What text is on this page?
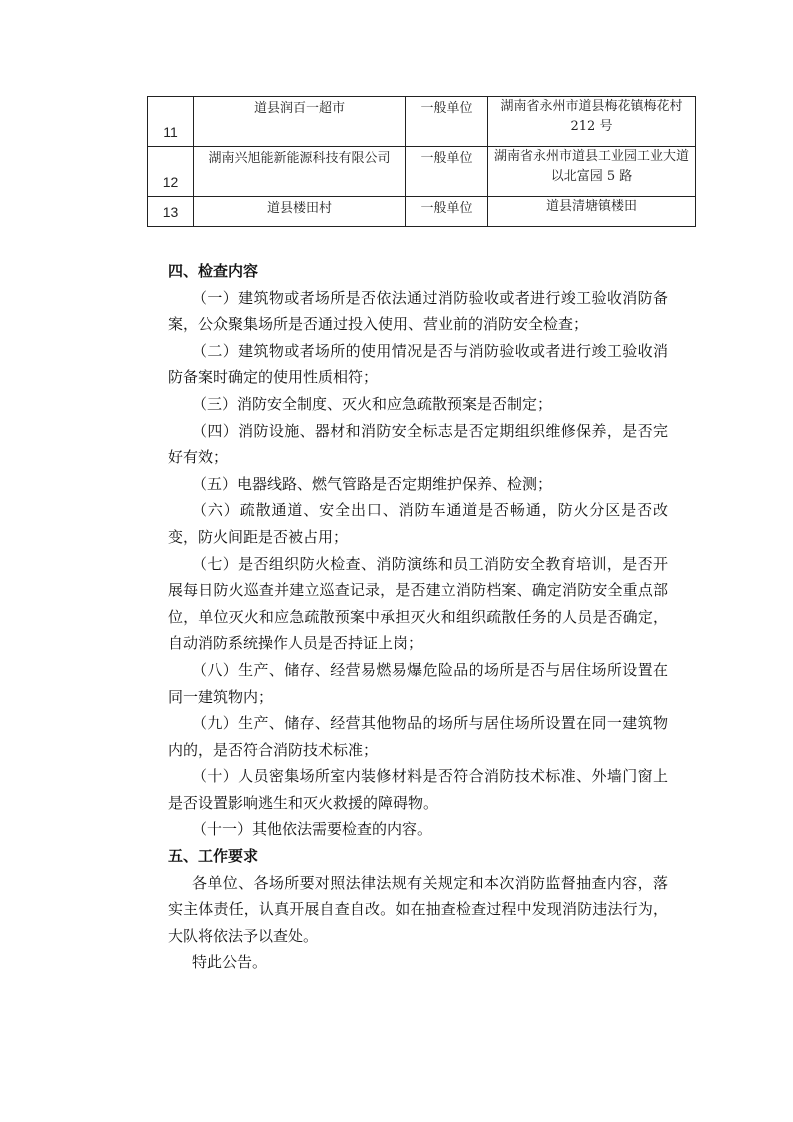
11	道县润百一超市	一般单位	湖南省永州市道县梅花镇梅花村 212 号
12	湖南兴旭能新能源科技有限公司	一般单位	湖南省永州市道县工业园工业大道以北富园 5 路
13	道县楼田村	一般单位	道县清塘镇楼田

四、检查内容

（一）建筑物或者场所是否依法通过消防验收或者进行竣工验收消防备案，公众聚集场所是否通过投入使用、营业前的消防安全检查；

（二）建筑物或者场所的使用情况是否与消防验收或者进行竣工验收消防备案时确定的使用性质相符；

（三）消防安全制度、灭火和应急疏散预案是否制定；

（四）消防设施、器材和消防安全标志是否定期组织维修保养，是否完好有效；

（五）电器线路、燃气管路是否定期维护保养、检测；

（六）疏散通道、安全出口、消防车通道是否畅通，防火分区是否改变，防火间距是否被占用；

（七）是否组织防火检查、消防演练和员工消防安全教育培训，是否开展每日防火巡查并建立巡查记录，是否建立消防档案、确定消防安全重点部位，单位灭火和应急疏散预案中承担灭火和组织疏散任务的人员是否确定，自动消防系统操作人员是否持证上岗；

（八）生产、储存、经营易燃易爆危险品的场所是否与居住场所设置在同一建筑物内；

（九）生产、储存、经营其他物品的场所与居住场所设置在同一建筑物内的，是否符合消防技术标准；

（十）人员密集场所室内装修材料是否符合消防技术标准、外墙门窗上是否设置影响逃生和灭火救援的障碍物。

（十一）其他依法需要检查的内容。

五、工作要求

各单位、各场所要对照法律法规有关规定和本次消防监督抽查内容，落实主体责任，认真开展自查自改。如在抽查检查过程中发现消防违法行为，大队将依法予以查处。

特此公告。
